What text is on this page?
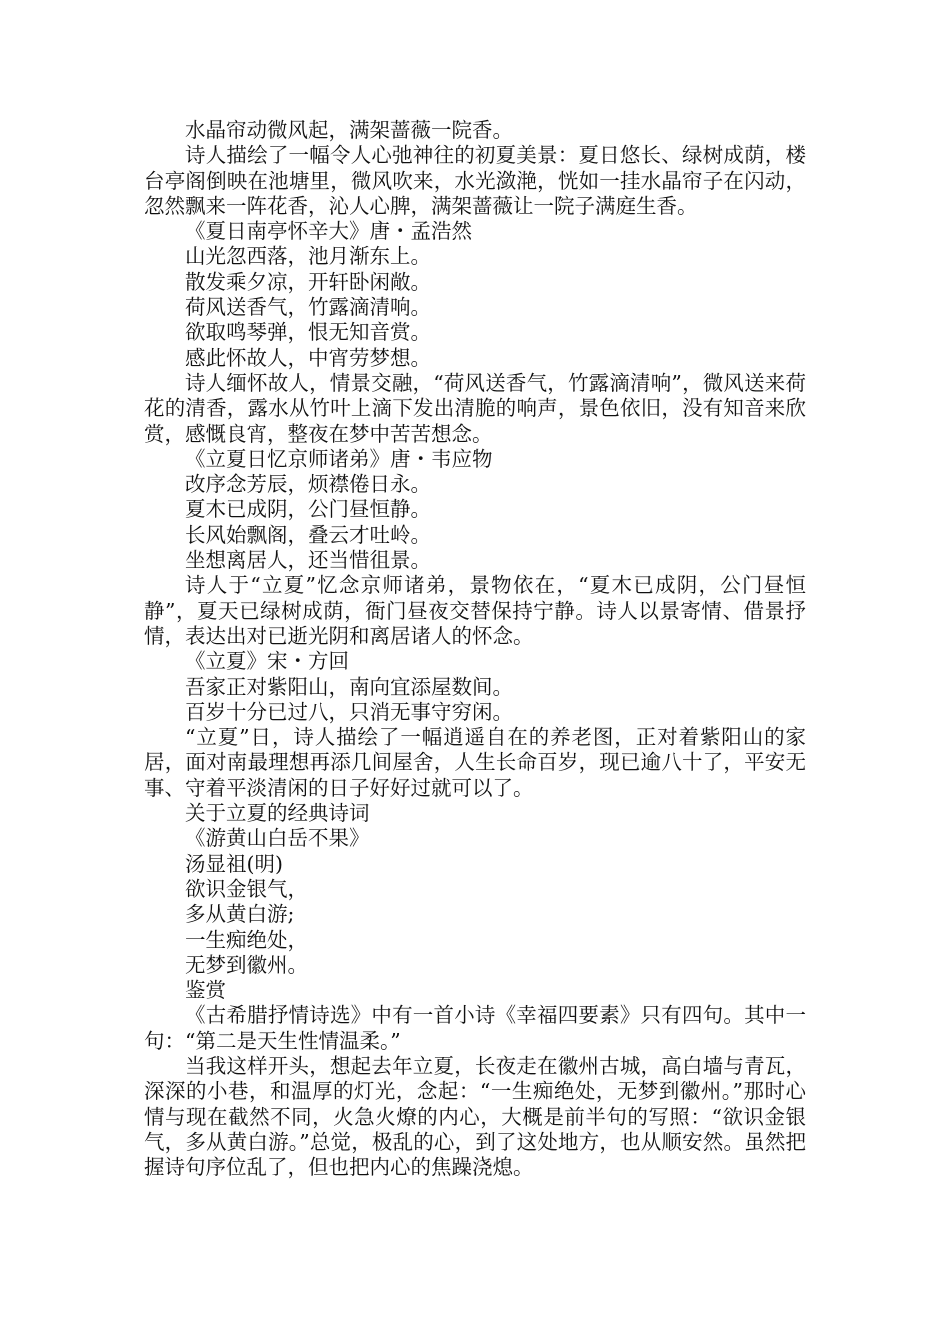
水晶帘动微风起，满架蔷薇一院香。

诗人描绘了一幅令人心弛神往的初夏美景：夏日悠长、绿树成荫，楼台亭阁倒映在池塘里，微风吹来，水光潋滟，恍如一挂水晶帘子在闪动，忽然飘来一阵花香，沁人心脾，满架蔷薇让一院子满庭生香。

《夏日南亭怀辛大》唐・孟浩然

山光忽西落，池月渐东上。

散发乘夕凉，开轩卧闲敞。

荷风送香气，竹露滴清响。

欲取鸣琴弹，恨无知音赏。

感此怀故人，中宵劳梦想。

诗人缅怀故人，情景交融，“荷风送香气，竹露滴清响”，微风送来荷花的清香，露水从竹叶上滴下发出清脆的响声，景色依旧，没有知音来欣赏，感慨良宵，整夜在梦中苦苦想念。

《立夏日忆京师诸弟》唐・韦应物

改序念芳辰，烦襟倦日永。

夏木已成阴，公门昼恒静。

长风始飘阁，叠云才吐岭。

坐想离居人，还当惜徂景。

诗人于“立夏”忆念京师诸弟，景物依在，“夏木已成阴，公门昼恒静”，夏天已绿树成荫，衙门昼夜交替保持宁静。诗人以景寄情、借景抒情，表达出对已逝光阴和离居诸人的怀念。

《立夏》宋・方回

吾家正对紫阳山，南向宜添屋数间。

百岁十分已过八，只消无事守穷闲。

“立夏”日，诗人描绘了一幅逍遥自在的养老图，正对着紫阳山的家居，面对南最理想再添几间屋舍，人生长命百岁，现已逾八十了，平安无事、守着平淡清闲的日子好好过就可以了。

关于立夏的经典诗词

《游黄山白岳不果》

汤显祖(明)

欲识金银气，

多从黄白游;

一生痴绝处，

无梦到徽州。

鉴赏

《古希腊抒情诗选》中有一首小诗《幸福四要素》只有四句。其中一句：“第二是天生性情温柔。”

当我这样开头，想起去年立夏，长夜走在徽州古城，高白墙与青瓦，深深的小巷，和温厚的灯光，念起：“一生痴绝处，无梦到徽州。”那时心情与现在截然不同，火急火燎的内心，大概是前半句的写照：“欲识金银气，多从黄白游。”总觉，极乱的心，到了这处地方，也从顺安然。虽然把握诗句序位乱了，但也把内心的焦躁浇熄。
